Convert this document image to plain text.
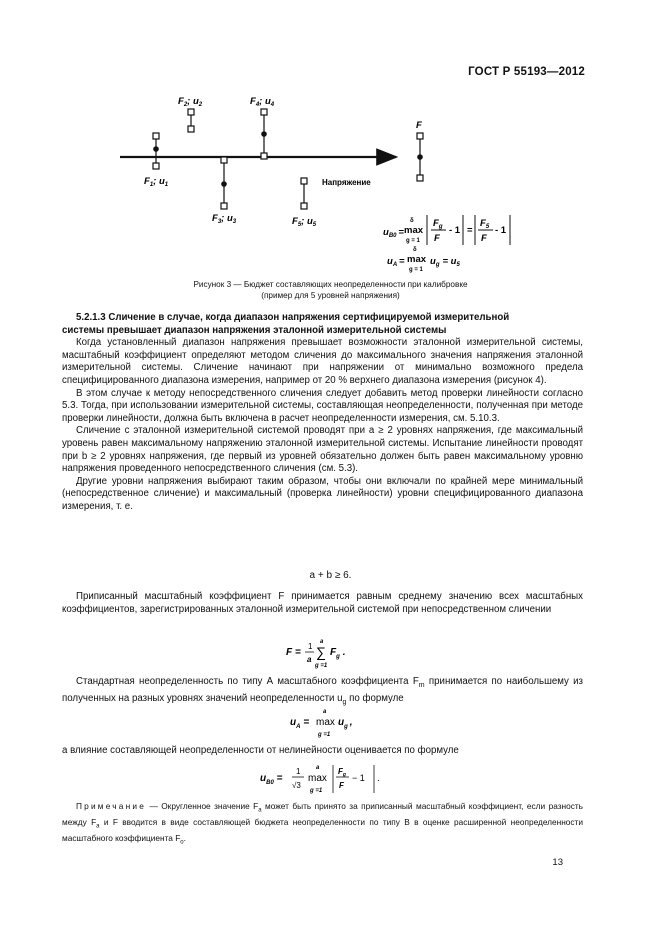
ГОСТ Р 55193—2012
Напряжение
$F_1$; $u_1$
$F_2$; $u_2$
$F_3$; $u_3$
$F_4$; $u_4$
$F_5$; $u_5$
F
$u_{B0}$ =
δ
max
g = 1
$F_g$
F
- 1 =
$F_5$
F
- 1
$u_A$ =
δ
max
g = 1
$u_g = u_5$
Рисунок 3 — Бюджет составляющих неопределенности при калибровке
(пример для 5 уровней напряжения)

5.2.1.3 Сличение в случае, когда диапазон напряжения сертифицируемой измерительной

системы превышает диапазон напряжения эталонной измерительной системы

Когда установленный диапазон напряжения превышает возможности эталонной измерительной системы, масштабный коэффициент определяют методом сличения до максимального значения напряжения эталонной измерительной системы. Сличение начинают при напряжении от минимально возможного предела специфицированного диапазона измерения, например от 20 % верхнего диапазона измерения (рисунок 4).

В этом случае к методу непосредственного сличения следует добавить метод проверки линейности согласно 5.3. Тогда, при использовании измерительной системы, составляющая неопределенности, полученная при методе проверки линейности, должна быть включена в расчет неопределенности измерения, см. 5.10.3.

Сличение с эталонной измерительной системой проводят при a ≥ 2 уровнях напряжения, где максимальный уровень равен максимальному напряжению эталонной измерительной системы. Испытание линейности проводят при b ≥ 2 уровнях напряжения, где первый из уровней обязательно должен быть равен максимальному уровню напряжения проведенного непосредственного сличения (см. 5.3).

Другие уровни напряжения выбирают таким образом, чтобы они включали по крайней мере минимальный (непосредственное сличение) и максимальный (проверка линейности) уровни специфицированного диапазона измерения, т. е.

a + b ≥ 6.

Приписанный масштабный коэффициент F принимается равным среднему значению всех масштабных коэффициентов, зарегистрированных эталонной измерительной системой при непосредственном сличении

F =
1
a
a
∑
g =1
$F_g$ .

Стандартная неопределенность по типу А масштабного коэффициента $F_m$ принимается по наибольшему из полученных на разных уровнях значений неопределенности $u_g$ по формуле

$u_A$ =
a
max
g =1
$u_g$ ,
а влияние составляющей неопределенности от нелинейности оценивается по формуле
$u_{B0}$ =
1
√3
a
max
g =1
$F_g$
F
− 1 .
Примечание — Округленное значение $F_a$ может быть принято за приписанный масштабный коэффициент, если разность между $F_a$ и F вводится в виде составляющей бюджета неопределенности по типу В в оценке расширенной неопределенности масштабного коэффициента $F_o$.
13
